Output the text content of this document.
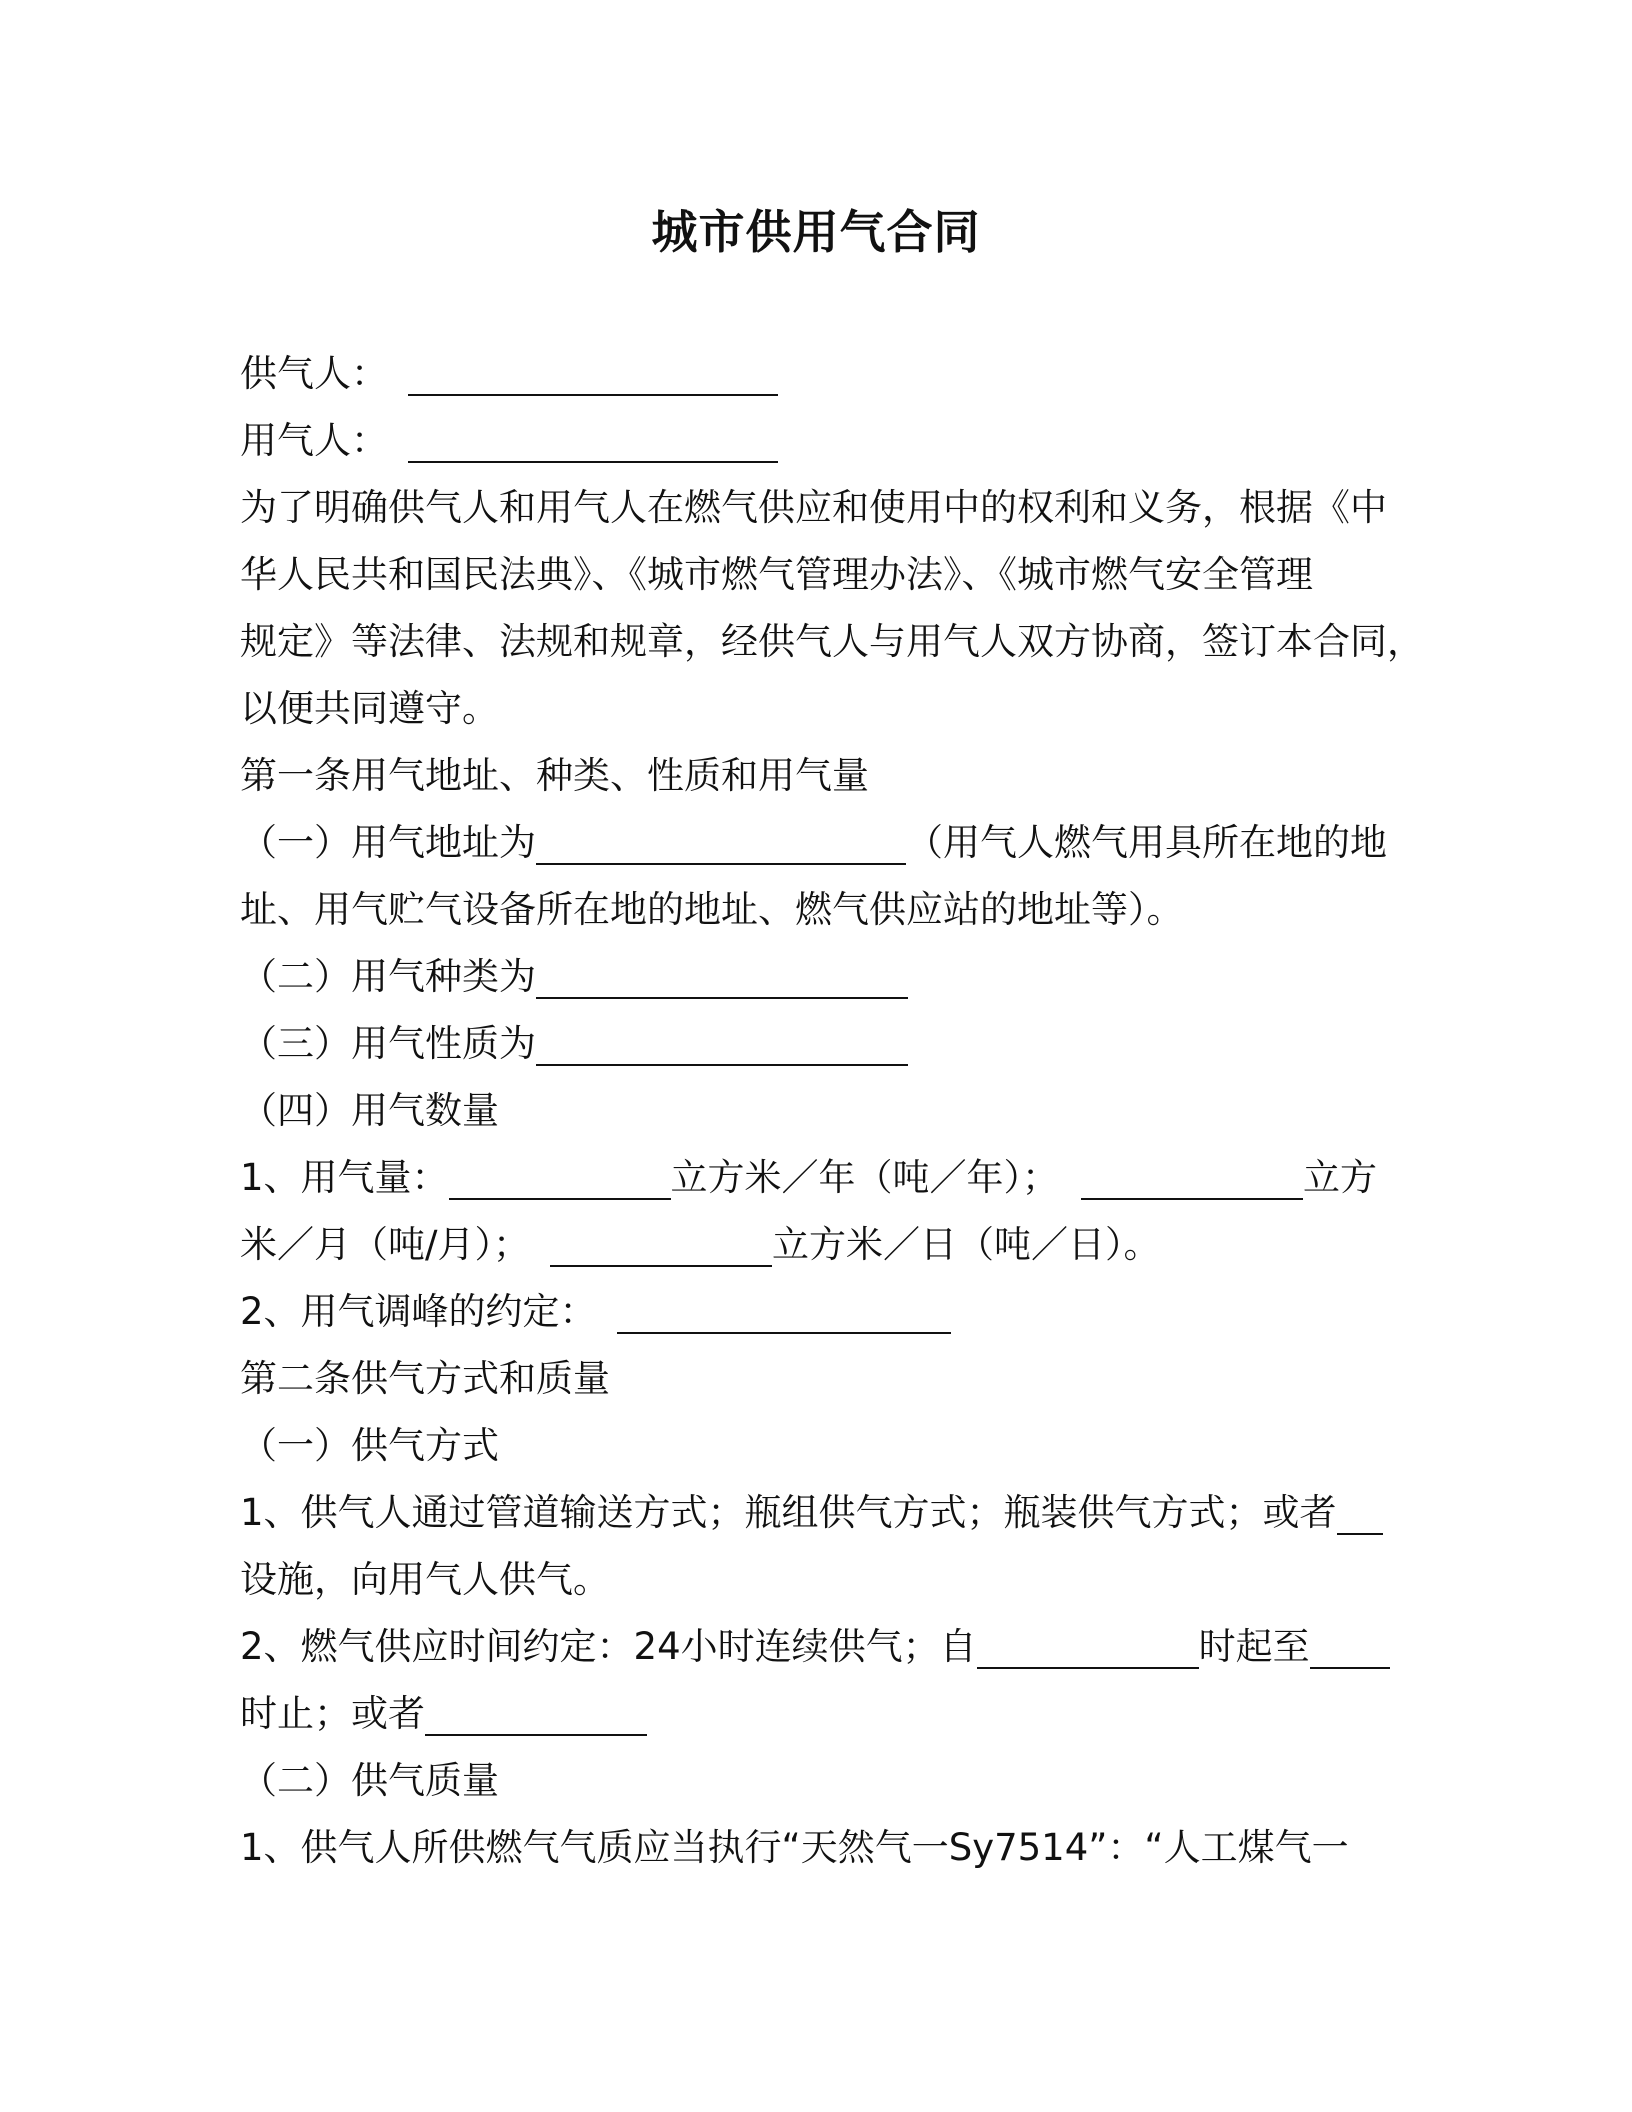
城市供用气合同
供气人：
用气人：
为了明确供气人和用气人在燃气供应和使用中的权利和义务，根据《中
华人民共和国民法典》、《城市燃气管理办法》、《城市燃气安全管理
规定》等法律、法规和规章，经供气人与用气人双方协商，签订本合同，
以便共同遵守。
第一条用气地址、种类、性质和用气量
（一）用气地址为	（用气人燃气用具所在地的地
址、用气贮气设备所在地的地址、燃气供应站的地址等）。
（二）用气种类为
（三）用气性质为
（四）用气数量
1、用气量：	立方米／年（吨／年）；	立方
米／月（吨/月）；	立方米／日（吨／日）。
2、用气调峰的约定：
第二条供气方式和质量
（一）供气方式
1、供气人通过管道输送方式；瓶组供气方式；瓶装供气方式；或者
设施，向用气人供气。
2、燃气供应时间约定：24小时连续供气；自	时起至
时止；或者
（二）供气质量
1、供气人所供燃气气质应当执行“天然气一Sy7514”：“人工煤气一
